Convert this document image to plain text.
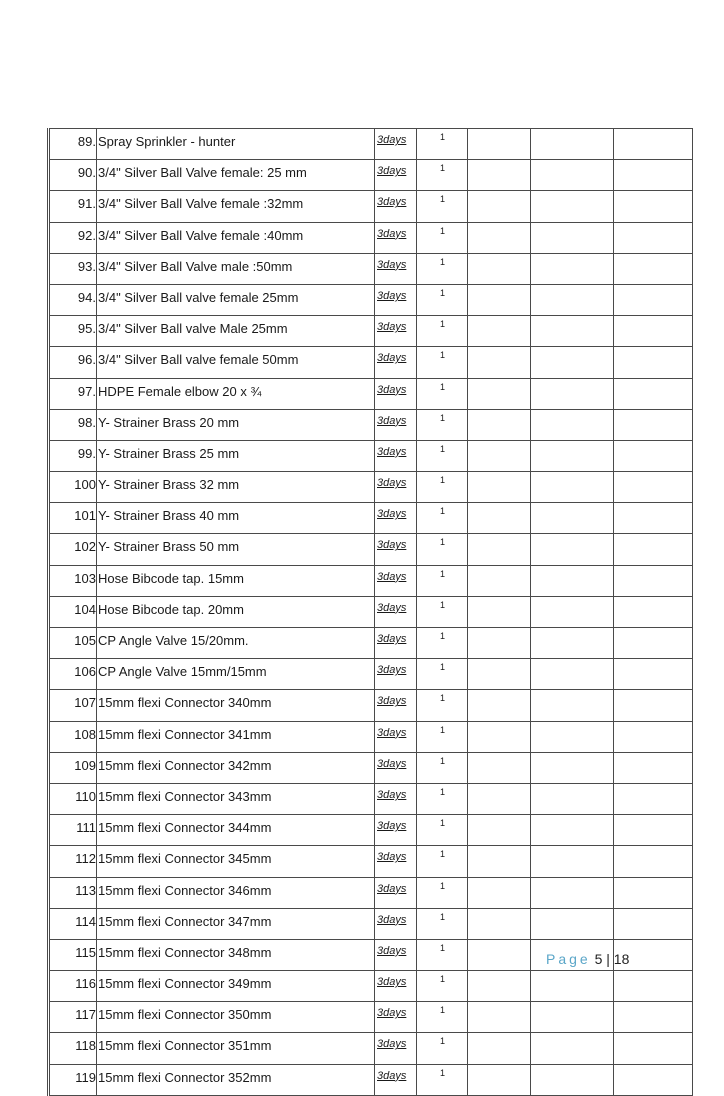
89.	Spray Sprinkler - hunter	3days	1			
90.	3/4" Silver Ball Valve female: 25 mm	3days	1			
91.	3/4" Silver Ball Valve female :32mm	3days	1			
92.	3/4" Silver Ball Valve female :40mm	3days	1			
93.	3/4" Silver Ball Valve male :50mm	3days	1			
94.	3/4" Silver Ball valve female 25mm	3days	1			
95.	3/4" Silver Ball valve Male 25mm	3days	1			
96.	3/4" Silver Ball valve female 50mm	3days	1			
97.	HDPE Female elbow 20 x ¾	3days	1			
98.	Y- Strainer Brass 20 mm	3days	1			
99.	Y- Strainer Brass 25 mm	3days	1			
100	Y- Strainer Brass 32 mm	3days	1			
101	Y- Strainer Brass 40 mm	3days	1			
102	Y- Strainer Brass 50 mm	3days	1			
103	Hose Bibcode tap. 15mm	3days	1			
104	Hose Bibcode tap. 20mm	3days	1			
105	CP Angle Valve 15/20mm.	3days	1			
106	CP Angle Valve 15mm/15mm	3days	1			
107	15mm flexi Connector 340mm	3days	1			
108	15mm flexi Connector 341mm	3days	1			
109	15mm flexi Connector 342mm	3days	1			
110	15mm flexi Connector 343mm	3days	1			
111	15mm flexi Connector 344mm	3days	1			
112	15mm flexi Connector 345mm	3days	1			
113	15mm flexi Connector 346mm	3days	1			
114	15mm flexi Connector 347mm	3days	1			
115	15mm flexi Connector 348mm	3days	1			
116	15mm flexi Connector 349mm	3days	1			
117	15mm flexi Connector 350mm	3days	1			
118	15mm flexi Connector 351mm	3days	1			
119	15mm flexi Connector 352mm	3days	1			
Page 5 | 18
